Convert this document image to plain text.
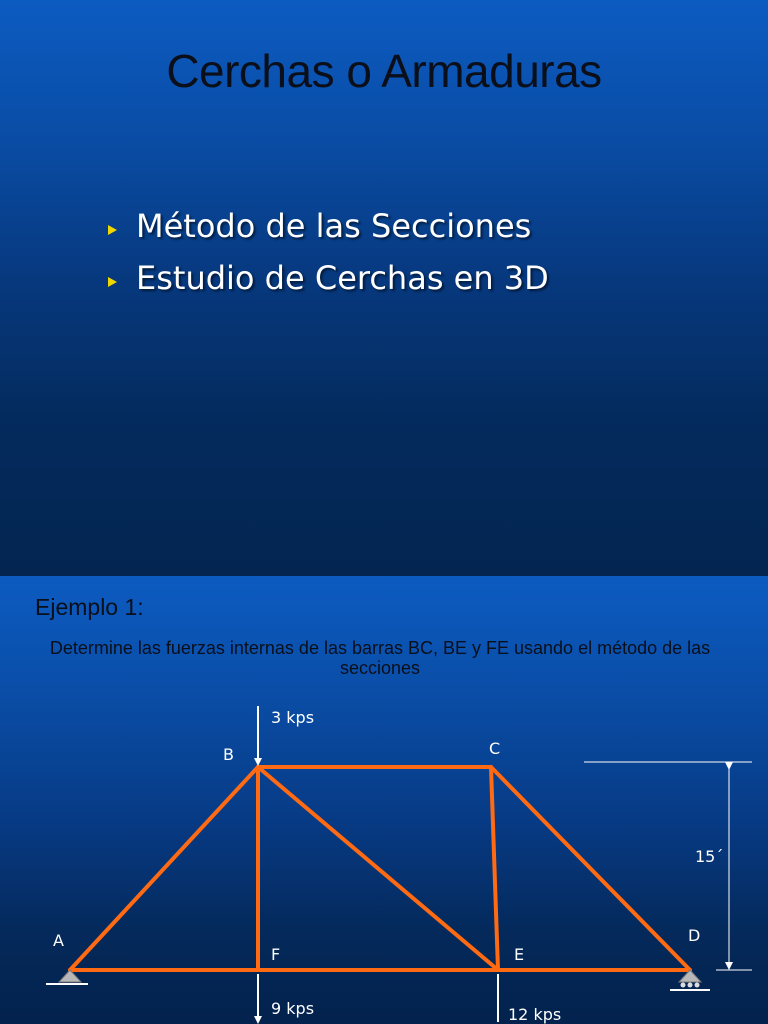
Cerchas o Armaduras
Método de las Secciones
Estudio de Cerchas en 3D
Ejemplo 1:
Determine las fuerzas internas de las barras BC, BE y FE usando el método de las secciones
A
B	C
D
E
F
3 kps
9 kps	12 kps
15´
